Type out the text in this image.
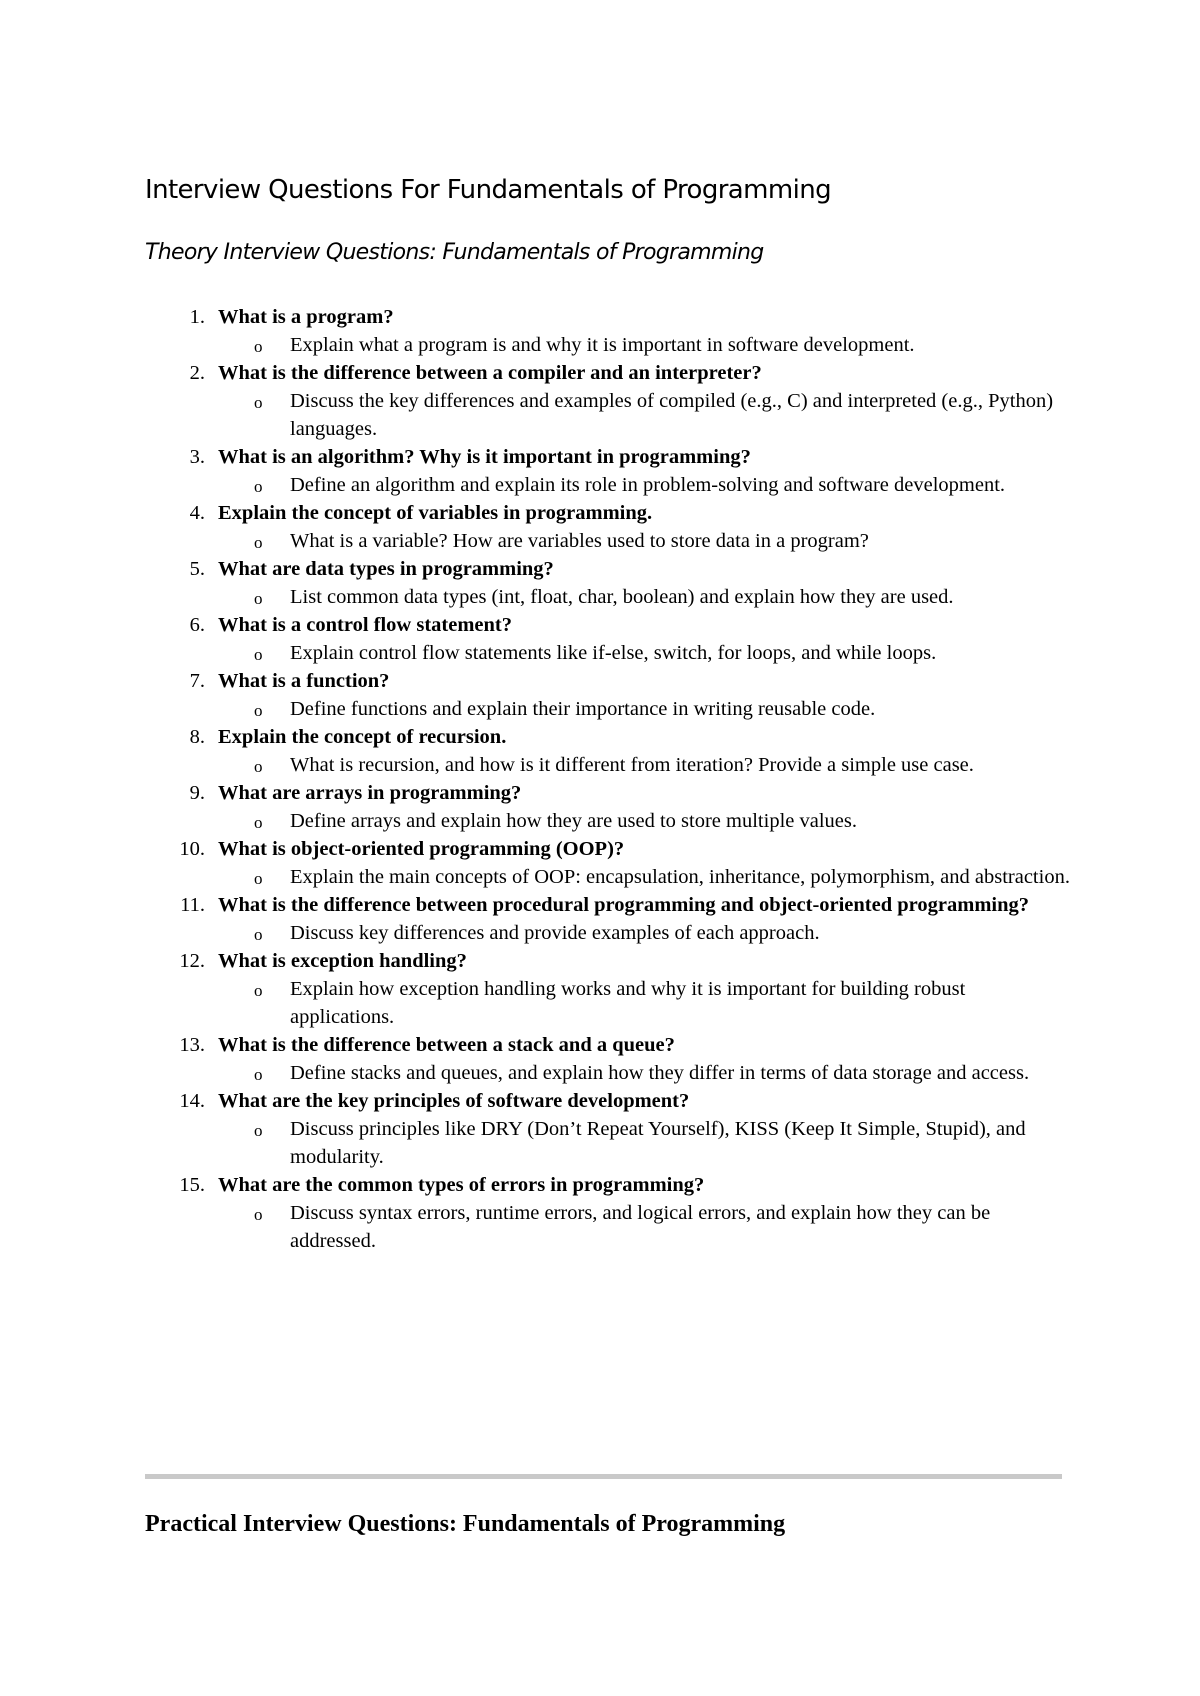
Interview Questions For Fundamentals of Programming
Theory Interview Questions: Fundamentals of Programming
1. What is a program?
o Explain what a program is and why it is important in software development.
2. What is the difference between a compiler and an interpreter?
o Discuss the key differences and examples of compiled (e.g., C) and interpreted (e.g., Python) languages.
3. What is an algorithm? Why is it important in programming?
o Define an algorithm and explain its role in problem-solving and software development.
4. Explain the concept of variables in programming.
o What is a variable? How are variables used to store data in a program?
5. What are data types in programming?
o List common data types (int, float, char, boolean) and explain how they are used.
6. What is a control flow statement?
o Explain control flow statements like if-else, switch, for loops, and while loops.
7. What is a function?
o Define functions and explain their importance in writing reusable code.
8. Explain the concept of recursion.
o What is recursion, and how is it different from iteration? Provide a simple use case.
9. What are arrays in programming?
o Define arrays and explain how they are used to store multiple values.
10. What is object-oriented programming (OOP)?
o Explain the main concepts of OOP: encapsulation, inheritance, polymorphism, and abstraction.
11. What is the difference between procedural programming and object-oriented programming?
o Discuss key differences and provide examples of each approach.
12. What is exception handling?
o Explain how exception handling works and why it is important for building robust applications.
13. What is the difference between a stack and a queue?
o Define stacks and queues, and explain how they differ in terms of data storage and access.
14. What are the key principles of software development?
o Discuss principles like DRY (Don’t Repeat Yourself), KISS (Keep It Simple, Stupid), and modularity.
15. What are the common types of errors in programming?
o Discuss syntax errors, runtime errors, and logical errors, and explain how they can be addressed.
Practical Interview Questions: Fundamentals of Programming
